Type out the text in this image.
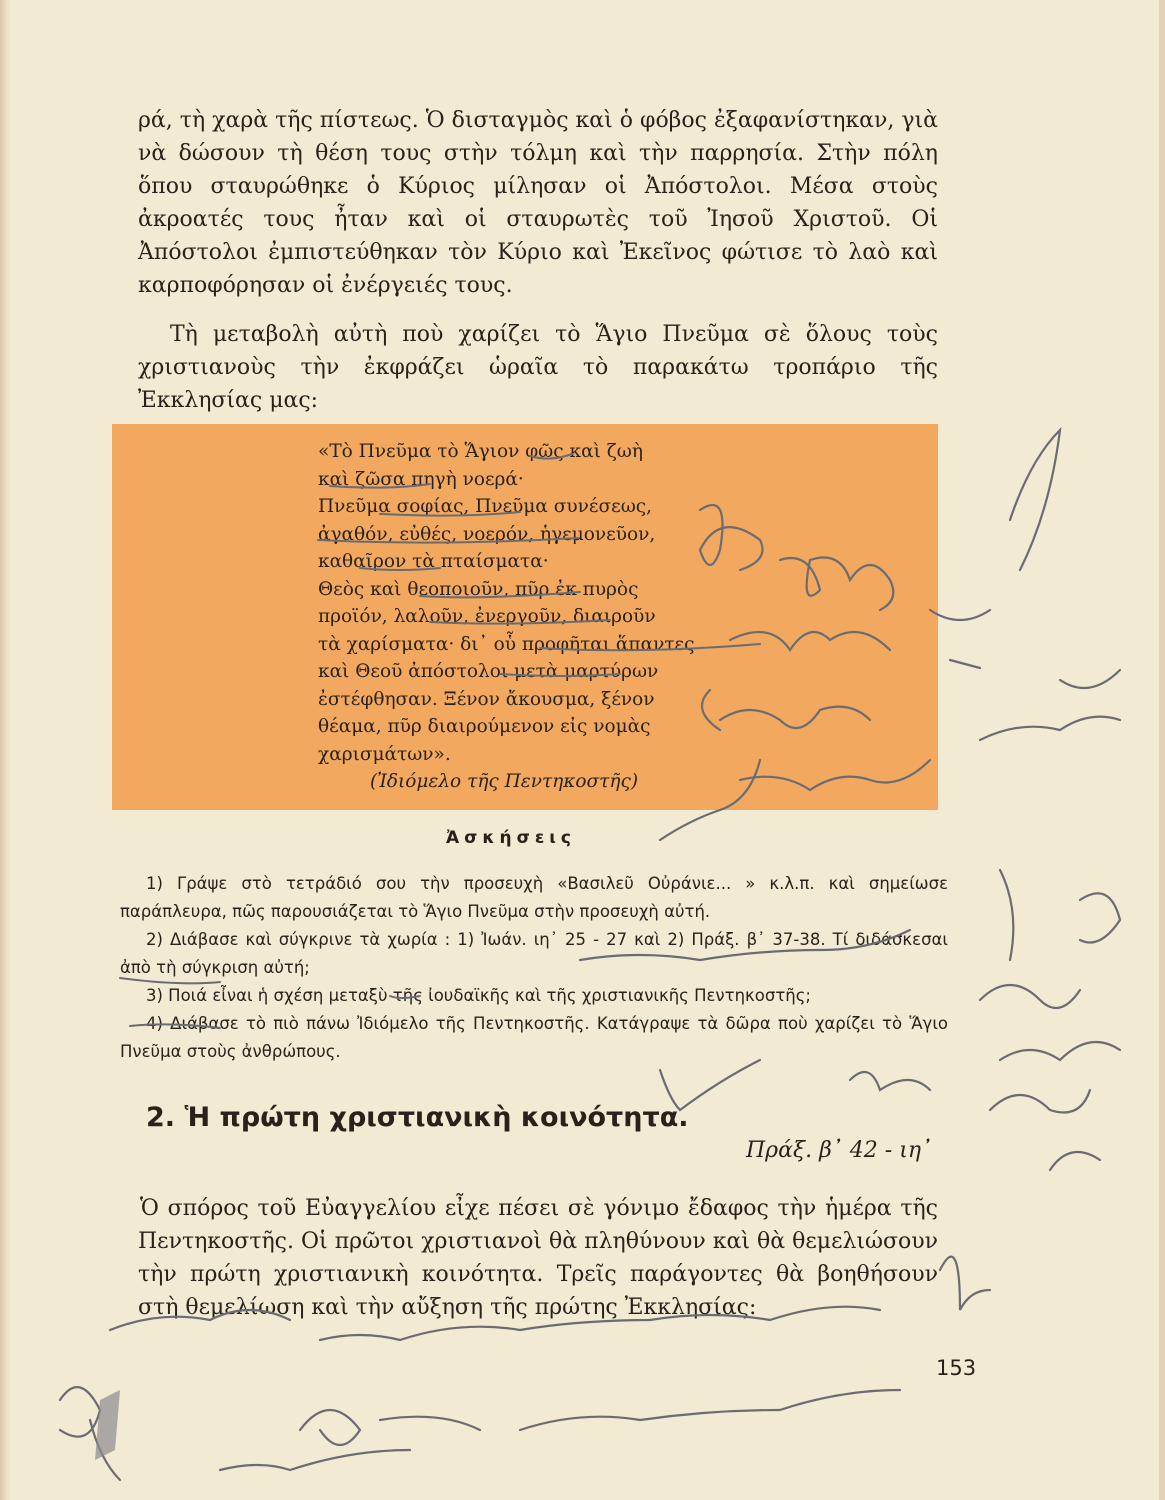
ρά, τὴ χαρὰ τῆς πίστεως. Ὁ δισταγμὸς καὶ ὁ φόβος ἐξαφανίστηκαν, γιὰ νὰ δώσουν τὴ θέση τους στὴν τόλμη καὶ τὴν παρρησία. Στὴν πόλη ὅπου σταυρώθηκε ὁ Κύριος μίλησαν οἱ Ἀπόστολοι. Μέσα στοὺς ἀκροατές τους ἦταν καὶ οἱ σταυρωτὲς τοῦ Ἰησοῦ Χριστοῦ. Οἱ Ἀπόστολοι ἐμπιστεύθηκαν τὸν Κύριο καὶ Ἐκεῖνος φώτισε τὸ λαὸ καὶ καρποφόρησαν οἱ ἐνέργειές τους.

Τὴ μεταβολὴ αὐτὴ ποὺ χαρίζει τὸ Ἅγιο Πνεῦμα σὲ ὅλους τοὺς χριστιανοὺς τὴν ἐκφράζει ὡραῖα τὸ παρακάτω τροπάριο τῆς Ἐκκλησίας μας:

«Τὸ Πνεῦμα τὸ Ἅγιον φῶς καὶ ζωὴ
καὶ ζῶσα πηγὴ νοερά·
Πνεῦμα σοφίας, Πνεῦμα συνέσεως,
ἀγαθόν, εὐθές, νοερόν, ἡγεμονεῦον,
καθαῖρον τὰ πταίσματα·
Θεὸς καὶ θεοποιοῦν, πῦρ ἐκ πυρὸς
προϊόν, λαλοῦν, ἐνεργοῦν, διαιροῦν
τὰ χαρίσματα· δι᾽ οὗ προφῆται ἅπαντες
καὶ Θεοῦ ἀπόστολοι μετὰ μαρτύρων
ἐστέφθησαν. Ξένον ἄκουσμα, ξένον
θέαμα, πῦρ διαιρούμενον εἰς νομὰς
χαρισμάτων».
(Ἰδιόμελο τῆς Πεντηκοστῆς)
Ἀσκήσεις
1) Γράψε στὸ τετράδιό σου τὴν προσευχὴ «Βασιλεῦ Οὐράνιε... » κ.λ.π. καὶ σημείωσε παράπλευρα, πῶς παρουσιάζεται τὸ Ἅγιο Πνεῦμα στὴν προσευχὴ αὐτή.
2) Διάβασε καὶ σύγκρινε τὰ χωρία : 1) Ἰωάν. ιη᾽ 25 - 27 καὶ 2) Πράξ. β᾽ 37-38. Τί διδάσκεσαι ἀπὸ τὴ σύγκριση αὐτή;
3) Ποιά εἶναι ἡ σχέση μεταξὺ τῆς ἰουδαϊκῆς καὶ τῆς χριστιανικῆς Πεντηκοστῆς;
4) Διάβασε τὸ πιὸ πάνω Ἰδιόμελο τῆς Πεντηκοστῆς. Κατάγραψε τὰ δῶρα ποὺ χαρίζει τὸ Ἅγιο Πνεῦμα στοὺς ἀνθρώπους.
2. Ἡ πρώτη χριστιανικὴ κοινότητα.
Πράξ. β᾽ 42 - ιη᾽

Ὁ σπόρος τοῦ Εὐαγγελίου εἶχε πέσει σὲ γόνιμο ἔδαφος τὴν ἡμέρα τῆς Πεντηκοστῆς. Οἱ πρῶτοι χριστιανοὶ θὰ πληθύνουν καὶ θὰ θεμελιώσουν τὴν πρώτη χριστιανικὴ κοινότητα. Τρεῖς παράγοντες θὰ βοηθήσουν στὴ θεμελίωση καὶ τὴν αὔξηση τῆς πρώτης Ἐκκλησίας:

153
